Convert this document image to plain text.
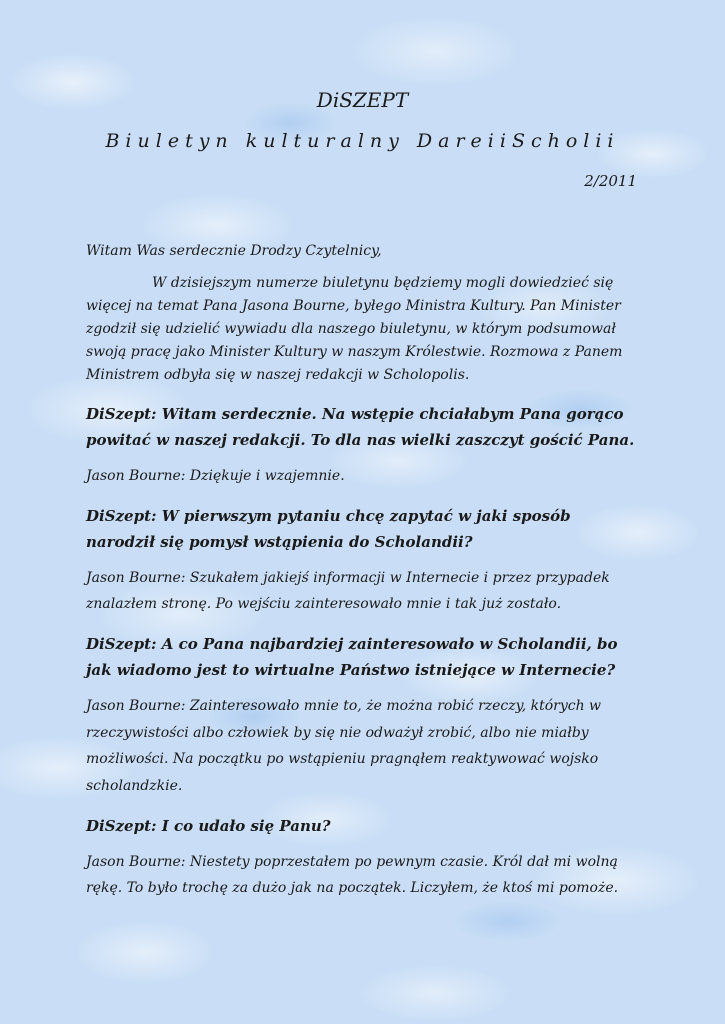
DiSZEPT
Biuletyn kulturalny DareiiScholii

2/2011

Witam Was serdecznie Drodzy Czytelnicy,

W dzisiejszym numerze biuletynu będziemy mogli dowiedzieć się więcej na temat Pana Jasona Bourne, byłego Ministra Kultury. Pan Minister zgodził się udzielić wywiadu dla naszego biuletynu, w którym podsumował swoją pracę jako Minister Kultury w naszym Królestwie. Rozmowa z Panem Ministrem odbyła się w naszej redakcji w Scholopolis.

DiSzept: Witam serdecznie. Na wstępie chciałabym Pana gorąco powitać w naszej redakcji. To dla nas wielki zaszczyt gościć Pana.

Jason Bourne: Dziękuje i wzajemnie.

DiSzept: W pierwszym pytaniu chcę zapytać w jaki sposób narodził się pomysł wstąpienia do Scholandii?

Jason Bourne: Szukałem jakiejś informacji w Internecie i przez przypadek znalazłem stronę. Po wejściu zainteresowało mnie i tak już zostało.

DiSzept: A co Pana najbardziej zainteresowało w Scholandii, bo jak wiadomo jest to wirtualne Państwo istniejące w Internecie?

Jason Bourne: Zainteresowało mnie to, że można robić rzeczy, których w rzeczywistości albo człowiek by się nie odważył zrobić, albo nie miałby możliwości. Na początku po wstąpieniu pragnąłem reaktywować wojsko scholandzkie.

DiSzept: I co udało się Panu?

Jason Bourne: Niestety poprzestałem po pewnym czasie. Król dał mi wolną rękę. To było trochę za dużo jak na początek. Liczyłem, że ktoś mi pomoże.
